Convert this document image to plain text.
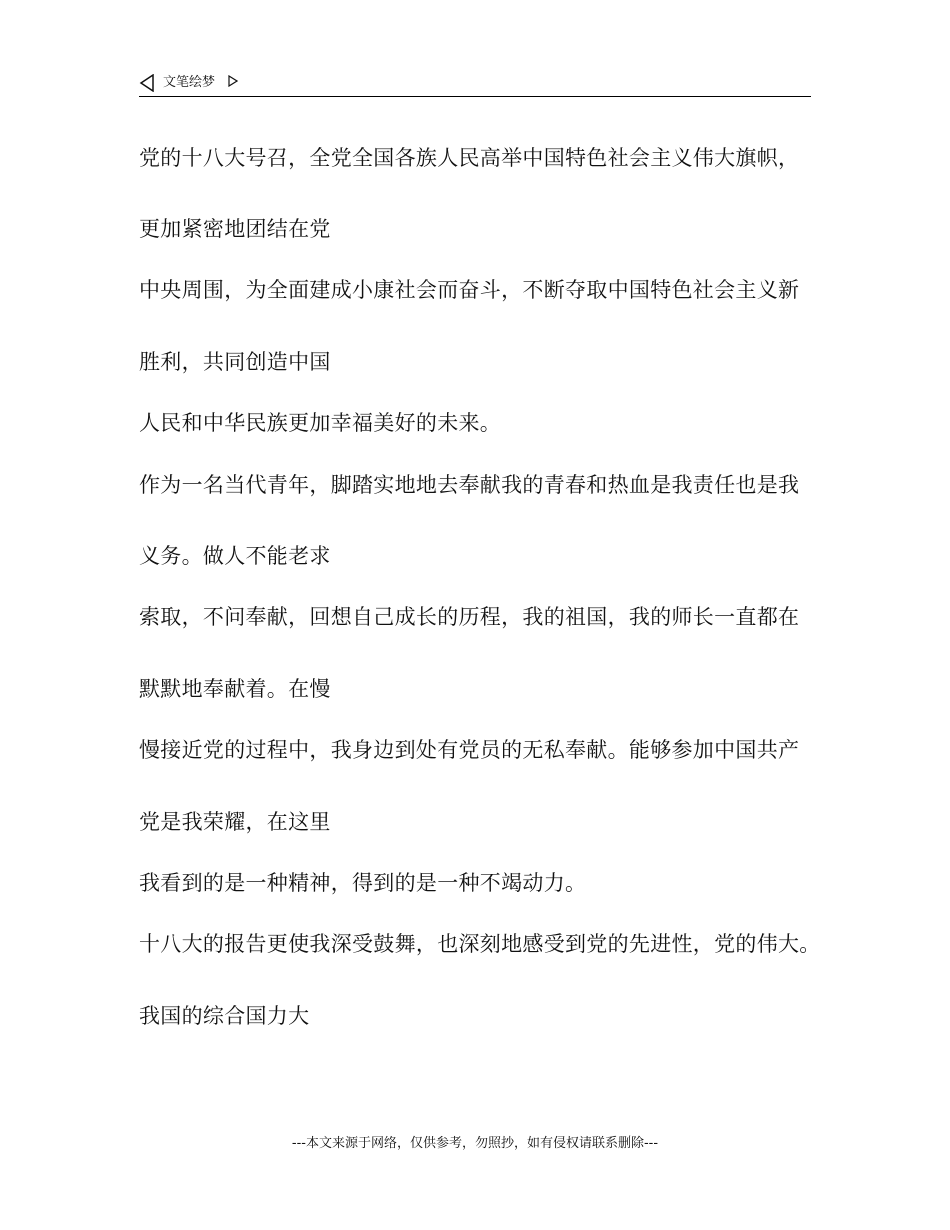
文笔绘梦
党的十八大号召，全党全国各族人民高举中国特色社会主义伟大旗帜，
更加紧密地团结在党
中央周围，为全面建成小康社会而奋斗，不断夺取中国特色社会主义新
胜利，共同创造中国
人民和中华民族更加幸福美好的未来。
作为一名当代青年，脚踏实地地去奉献我的青春和热血是我责任也是我
义务。做人不能老求
索取，不问奉献，回想自己成长的历程，我的祖国，我的师长一直都在
默默地奉献着。在慢
慢接近党的过程中，我身边到处有党员的无私奉献。能够参加中国共产
党是我荣耀，在这里
我看到的是一种精神，得到的是一种不竭动力。
十八大的报告更使我深受鼓舞，也深刻地感受到党的先进性，党的伟大。
我国的综合国力大
---本文来源于网络，仅供参考，勿照抄，如有侵权请联系删除---
